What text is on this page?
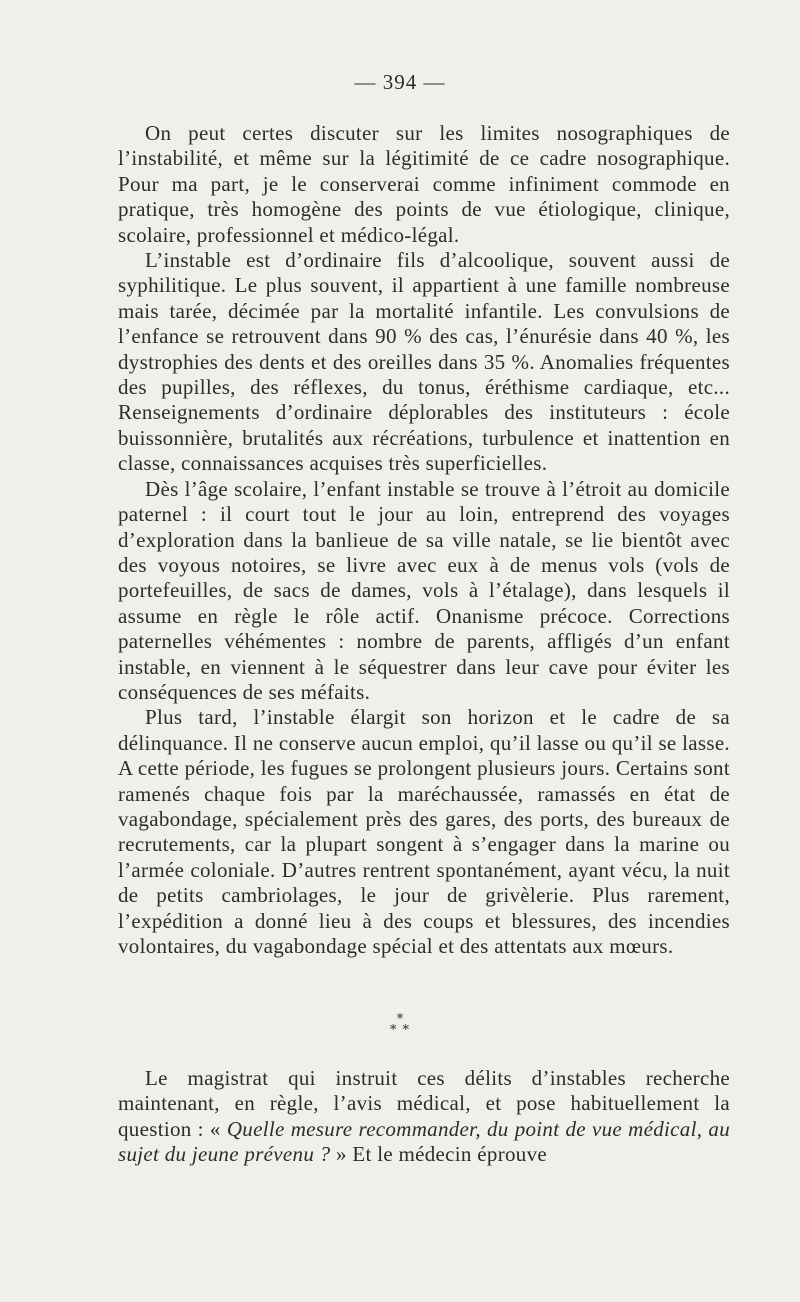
— 394 —

On peut certes discuter sur les limites nosographiques de l’instabilité, et même sur la légitimité de ce cadre nosographique. Pour ma part, je le conserverai comme infiniment commode en pratique, très homogène des points de vue étiologique, clinique, scolaire, professionnel et médico-légal.

L’instable est d’ordinaire fils d’alcoolique, souvent aussi de syphilitique. Le plus souvent, il appartient à une famille nombreuse mais tarée, décimée par la mortalité infantile. Les convulsions de l’enfance se retrouvent dans 90 % des cas, l’énurésie dans 40 %, les dystrophies des dents et des oreilles dans 35 %. Anomalies fréquentes des pupilles, des réflexes, du tonus, éréthisme cardiaque, etc... Renseignements d’ordinaire déplorables des instituteurs : école buissonnière, brutalités aux récréations, turbulence et inattention en classe, connaissances acquises très superficielles.

Dès l’âge scolaire, l’enfant instable se trouve à l’étroit au domicile paternel : il court tout le jour au loin, entreprend des voyages d’exploration dans la banlieue de sa ville natale, se lie bientôt avec des voyous notoires, se livre avec eux à de menus vols (vols de portefeuilles, de sacs de dames, vols à l’étalage), dans lesquels il assume en règle le rôle actif. Onanisme précoce. Corrections paternelles véhémentes : nombre de parents, affligés d’un enfant instable, en viennent à le séquestrer dans leur cave pour éviter les conséquences de ses méfaits.

Plus tard, l’instable élargit son horizon et le cadre de sa délinquance. Il ne conserve aucun emploi, qu’il lasse ou qu’il se lasse. A cette période, les fugues se prolongent plusieurs jours. Certains sont ramenés chaque fois par la maréchaussée, ramassés en état de vagabondage, spécialement près des gares, des ports, des bureaux de recrutements, car la plupart songent à s’engager dans la marine ou l’armée coloniale. D’autres rentrent spontanément, ayant vécu, la nuit de petits cambriolages, le jour de grivèlerie. Plus rarement, l’expédition a donné lieu à des coups et blessures, des incendies volontaires, du vagabondage spécial et des attentats aux mœurs.

*
* *

Le magistrat qui instruit ces délits d’instables recherche maintenant, en règle, l’avis médical, et pose habituellement la question : « Quelle mesure recommander, du point de vue médical, au sujet du jeune prévenu ? » Et le médecin éprouve
